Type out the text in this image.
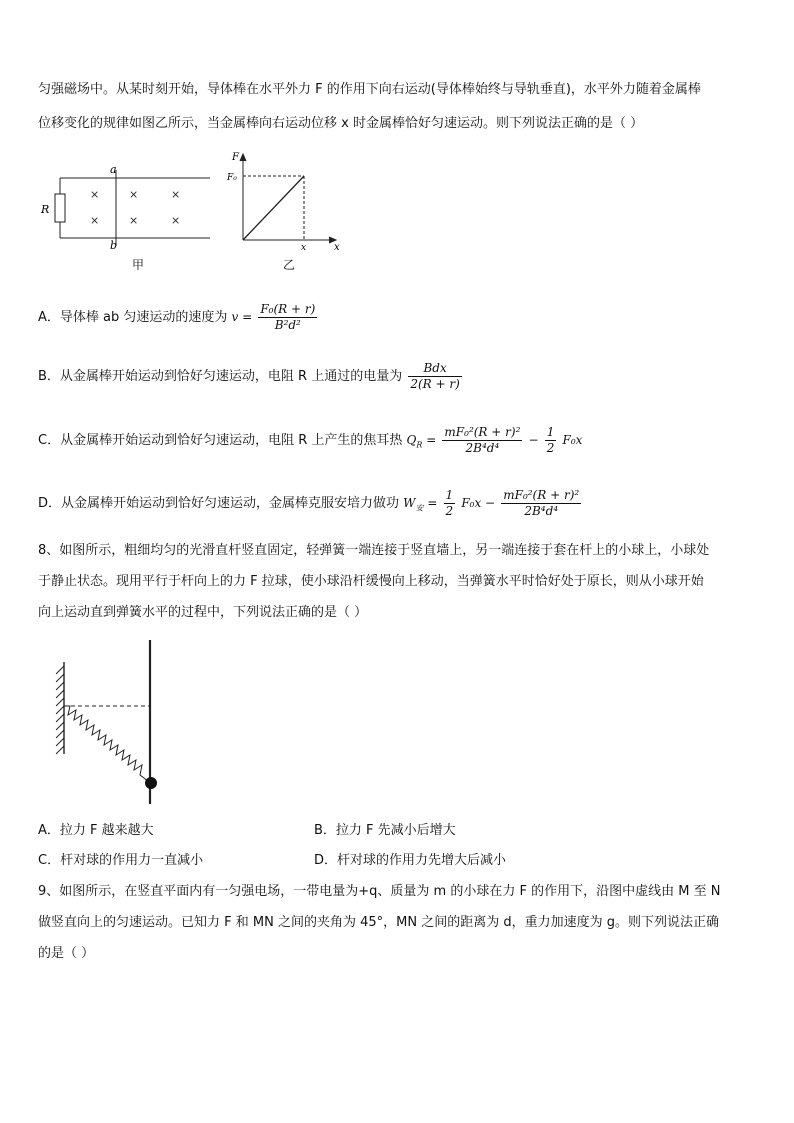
匀强磁场中。从某时刻开始，导体棒在水平外力 F 的作用下向右运动(导体棒始终与导轨垂直)，水平外力随着金属棒
位移变化的规律如图乙所示，当金属棒向右运动位移 x 时金属棒恰好匀速运动。则下列说法正确的是（ ）
a
b
R
×	×	×
×	×	×
甲
F
F₀
x	x
乙
A．导体棒 ab 匀速运动的速度为 $v = \frac{\text{F₀(R + r)}}{\text{B²d²}}$
B．从金属棒开始运动到恰好匀速运动，电阻 R 上通过的电量为 $\frac{\text{Bdx}}{2(R + r)}$
C．从金属棒开始运动到恰好匀速运动，电阻 R 上产生的焦耳热 $Q_R = \frac{\text{mF₀²(R + r)²}}{\text{2B⁴d⁴}} - \frac{1}{2} F_0x$
D．从金属棒开始运动到恰好匀速运动，金属棒克服安培力做功 $W_安 = \frac{1}{2} F_0x - \frac{\text{mF₀²(R + r)²}}{\text{2B⁴d⁴}}$
8、如图所示，粗细均匀的光滑直杆竖直固定，轻弹簧一端连接于竖直墙上，另一端连接于套在杆上的小球上，小球处
于静止状态。现用平行于杆向上的力 F 拉球，使小球沿杆缓慢向上移动，当弹簧水平时恰好处于原长，则从小球开始
向上运动直到弹簧水平的过程中，下列说法正确的是（ ）
A．拉力 F 越来越大	B．拉力 F 先减小后增大
C．杆对球的作用力一直减小	D．杆对球的作用力先增大后减小
9、如图所示，在竖直平面内有一匀强电场，一带电量为+q、质量为 m 的小球在力 F 的作用下，沿图中虚线由 M 至 N
做竖直向上的匀速运动。已知力 F 和 MN 之间的夹角为 45°，MN 之间的距离为 d，重力加速度为 g。则下列说法正确
的是（ ）
